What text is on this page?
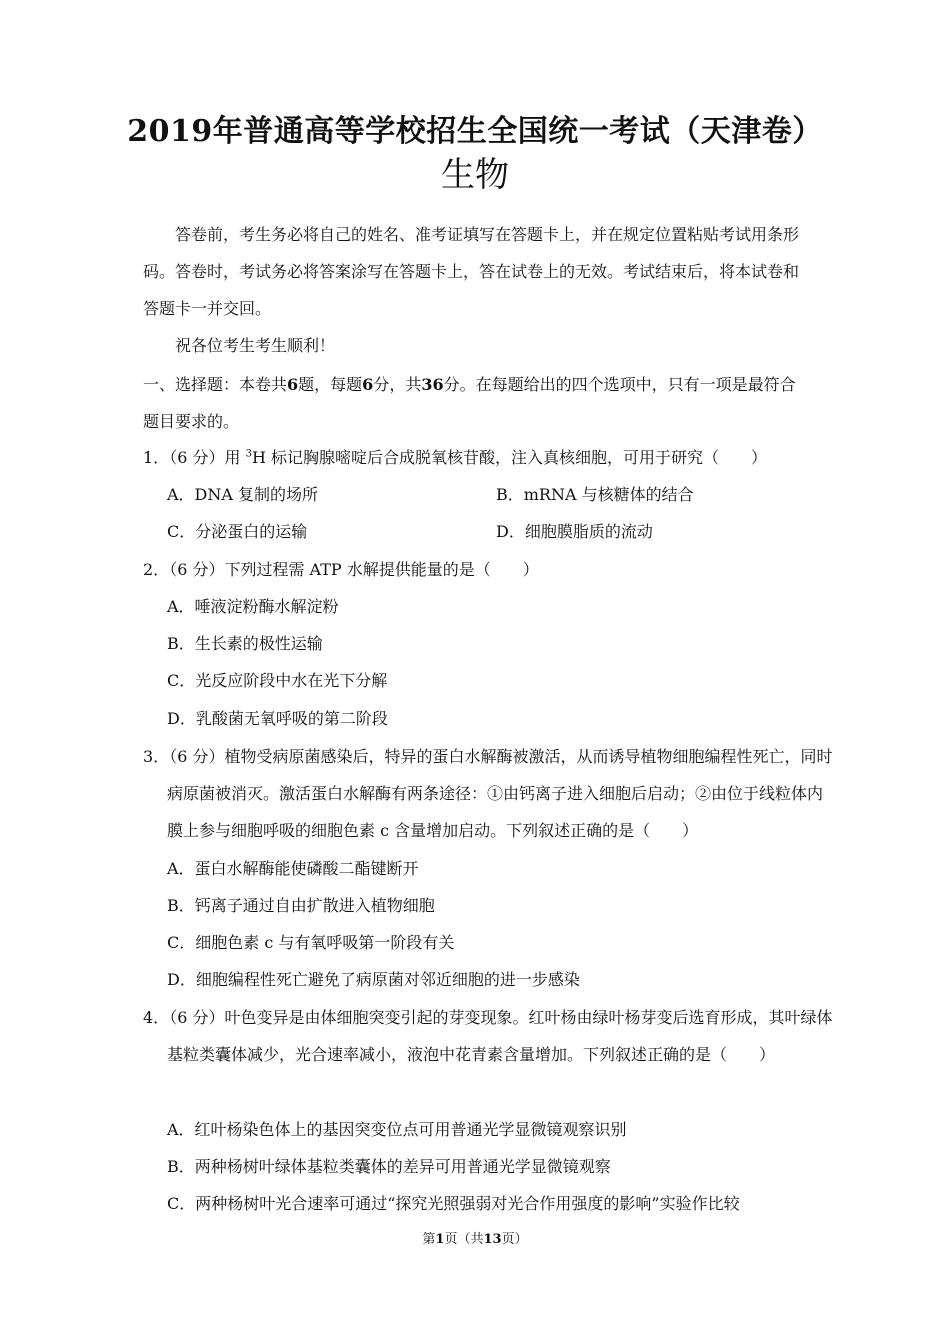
2019年普通高等学校招生全国统一考试（天津卷）
生物
答卷前，考生务必将自己的姓名、准考证填写在答题卡上，并在规定位置粘贴考试用条形码。答卷时，考试务必将答案涂写在答题卡上，答在试卷上的无效。考试结束后，将本试卷和答题卡一并交回。
祝各位考生考生顺利！
一、选择题：本卷共6题，每题6分，共36分。在每题给出的四个选项中，只有一项是最符合题目要求的。
1．（6 分）用 $^3$H 标记胸腺嘧啶后合成脱氧核苷酸，注入真核细胞，可用于研究（　　）
A．DNA 复制的场所	B．mRNA 与核糖体的结合
C．分泌蛋白的运输	D．细胞膜脂质的流动
2．（6 分）下列过程需 ATP 水解提供能量的是（　　）
A．唾液淀粉酶水解淀粉
B．生长素的极性运输
C．光反应阶段中水在光下分解
D．乳酸菌无氧呼吸的第二阶段
3．（6 分）植物受病原菌感染后，特异的蛋白水解酶被激活，从而诱导植物细胞编程性死亡，同时病原菌被消灭。激活蛋白水解酶有两条途径：①由钙离子进入细胞后启动；②由位于线粒体内膜上参与细胞呼吸的细胞色素 c 含量增加启动。下列叙述正确的是（　　）
A．蛋白水解酶能使磷酸二酯键断开
B．钙离子通过自由扩散进入植物细胞
C．细胞色素 c 与有氧呼吸第一阶段有关
D．细胞编程性死亡避免了病原菌对邻近细胞的进一步感染
4．（6 分）叶色变异是由体细胞突变引起的芽变现象。红叶杨由绿叶杨芽变后选育形成，其叶绿体基粒类囊体减少，光合速率减小，液泡中花青素含量增加。下列叙述正确的是（　　）
A．红叶杨染色体上的基因突变位点可用普通光学显微镜观察识别
B．两种杨树叶绿体基粒类囊体的差异可用普通光学显微镜观察
C．两种杨树叶光合速率可通过“探究光照强弱对光合作用强度的影响”实验作比较
第1页（共13页）
